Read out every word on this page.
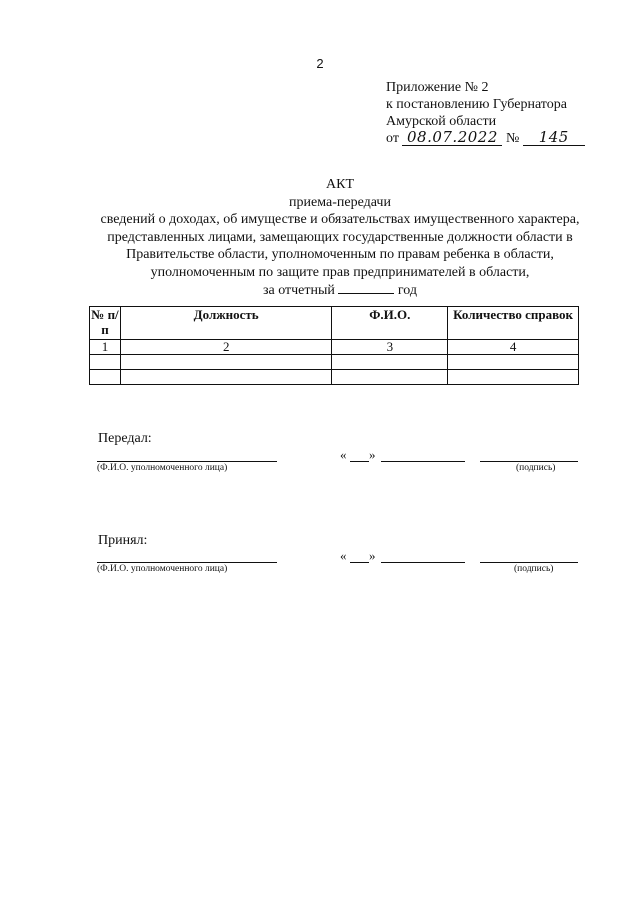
2
Приложение № 2
к постановлению Губернатора
Амурской области
от 08.07.2022 № 145
АКТ
приема-передачи
сведений о доходах, об имуществе и обязательствах имущественного характера,
представленных лицами, замещающих государственные должности области в
Правительстве области, уполномоченным по правам ребенка в области,
уполномоченным по защите прав предпринимателей в области,
за отчетный	год
№ п/п	Должность	Ф.И.О.	Количество справок
1	2	3	4

Передал:
« »
(Ф.И.О. уполномоченного лица)	(подпись)
Принял:
« »
(Ф.И.О. уполномоченного лица)	(подпись)
